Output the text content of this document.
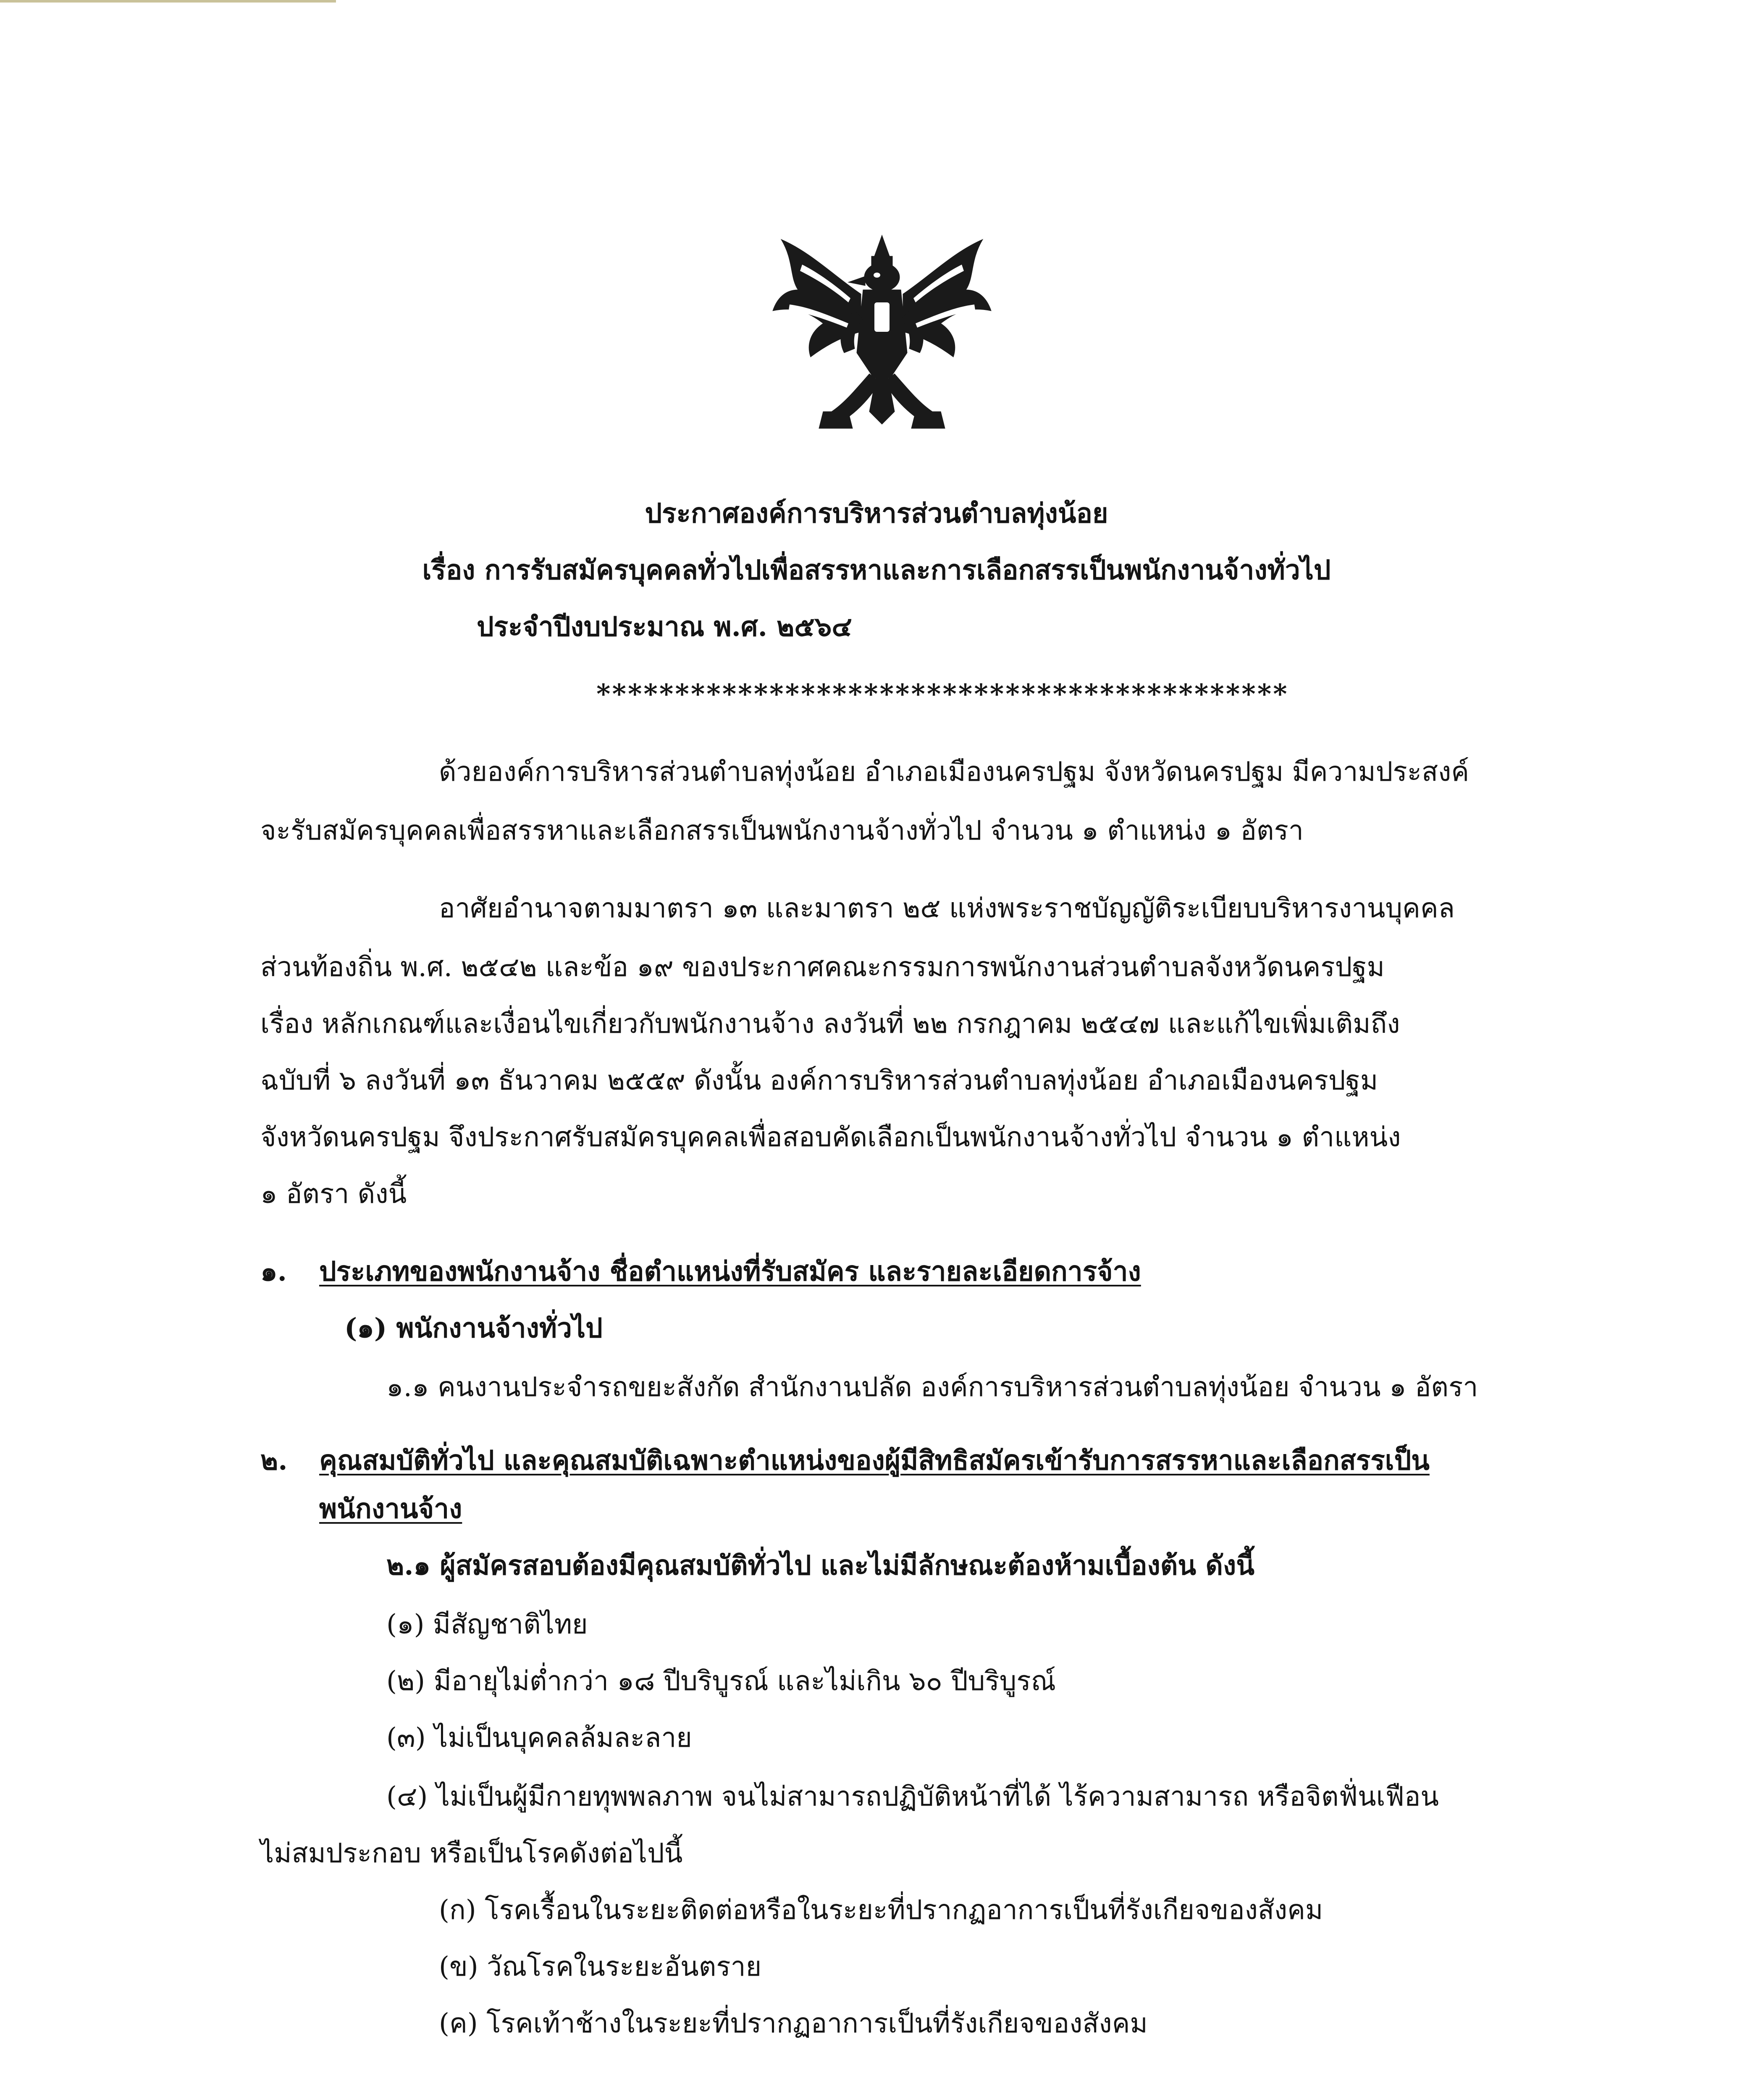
ประกาศองค์การบริหารส่วนตำบลทุ่งน้อย
เรื่อง การรับสมัครบุคคลทั่วไปเพื่อสรรหาและการเลือกสรรเป็นพนักงานจ้างทั่วไป
ประจำปีงบประมาณ พ.ศ. ๒๕๖๔
********************************************
ด้วยองค์การบริหารส่วนตำบลทุ่งน้อย อำเภอเมืองนครปฐม จังหวัดนครปฐม มีความประสงค์
จะรับสมัครบุคคลเพื่อสรรหาและเลือกสรรเป็นพนักงานจ้างทั่วไป จำนวน ๑ ตำแหน่ง ๑ อัตรา
อาศัยอำนาจตามมาตรา ๑๓ และมาตรา ๒๕ แห่งพระราชบัญญัติระเบียบบริหารงานบุคคล
ส่วนท้องถิ่น พ.ศ. ๒๕๔๒ และข้อ ๑๙ ของประกาศคณะกรรมการพนักงานส่วนตำบลจังหวัดนครปฐม
เรื่อง หลักเกณฑ์และเงื่อนไขเกี่ยวกับพนักงานจ้าง ลงวันที่ ๒๒ กรกฎาคม ๒๕๔๗ และแก้ไขเพิ่มเติมถึง
ฉบับที่ ๖ ลงวันที่ ๑๓ ธันวาคม ๒๕๕๙ ดังนั้น องค์การบริหารส่วนตำบลทุ่งน้อย อำเภอเมืองนครปฐม
จังหวัดนครปฐม จึงประกาศรับสมัครบุคคลเพื่อสอบคัดเลือกเป็นพนักงานจ้างทั่วไป จำนวน ๑ ตำแหน่ง
๑ อัตรา ดังนี้
๑. ประเภทของพนักงานจ้าง ชื่อตำแหน่งที่รับสมัคร และรายละเอียดการจ้าง
(๑) พนักงานจ้างทั่วไป
๑.๑ คนงานประจำรถขยะสังกัด สำนักงานปลัด องค์การบริหารส่วนตำบลทุ่งน้อย จำนวน ๑ อัตรา
๒. คุณสมบัติทั่วไป และคุณสมบัติเฉพาะตำแหน่งของผู้มีสิทธิสมัครเข้ารับการสรรหาและเลือกสรรเป็น
พนักงานจ้าง
๒.๑ ผู้สมัครสอบต้องมีคุณสมบัติทั่วไป และไม่มีลักษณะต้องห้ามเบื้องต้น ดังนี้
(๑) มีสัญชาติไทย
(๒) มีอายุไม่ต่ำกว่า ๑๘ ปีบริบูรณ์ และไม่เกิน ๖๐ ปีบริบูรณ์
(๓) ไม่เป็นบุคคลล้มละลาย
(๔) ไม่เป็นผู้มีกายทุพพลภาพ จนไม่สามารถปฏิบัติหน้าที่ได้ ไร้ความสามารถ หรือจิตฟั่นเฟือน
ไม่สมประกอบ หรือเป็นโรคดังต่อไปนี้
(ก) โรคเรื้อนในระยะติดต่อหรือในระยะที่ปรากฏอาการเป็นที่รังเกียจของสังคม
(ข) วัณโรคในระยะอันตราย
(ค) โรคเท้าช้างในระยะที่ปรากฏอาการเป็นที่รังเกียจของสังคม
